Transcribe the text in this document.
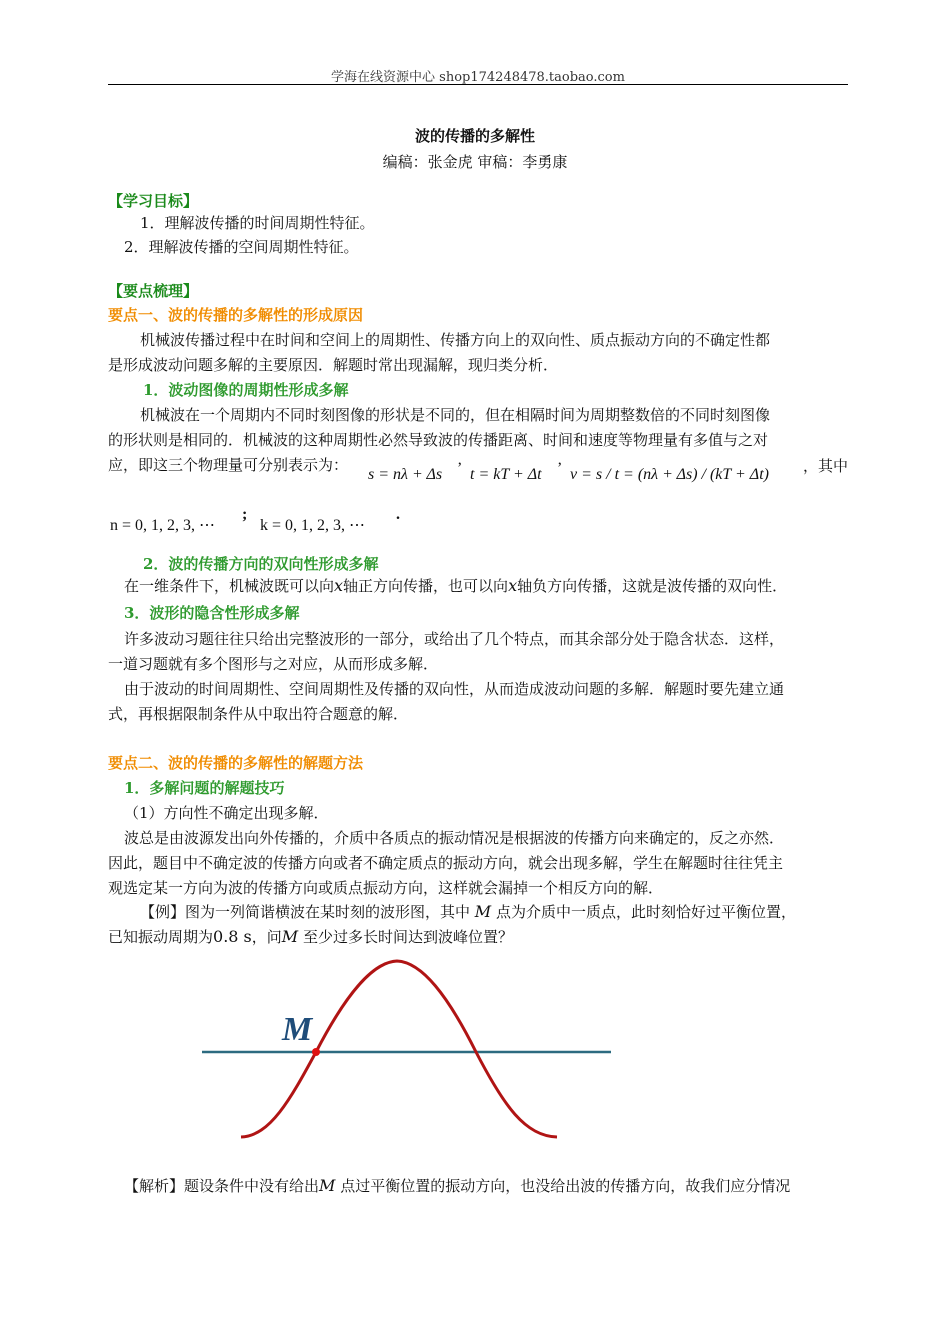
学海在线资源中心 shop174248478.taobao.com
波的传播的多解性
编稿：张金虎 审稿：李勇康
【学习目标】
1．理解波传播的时间周期性特征。
2．理解波传播的空间周期性特征。
【要点梳理】
要点一、波的传播的多解性的形成原因
机械波传播过程中在时间和空间上的周期性、传播方向上的双向性、质点振动方向的不确定性都
是形成波动问题多解的主要原因．解题时常出现漏解，现归类分析．
1．波动图像的周期性形成多解
机械波在一个周期内不同时刻图像的形状是不同的，但在相隔时间为周期整数倍的不同时刻图像
的形状则是相同的．机械波的这种周期性必然导致波的传播距离、时间和速度等物理量有多值与之对
应，即这三个物理量可分别表示为：
s = nλ + Δs ’ t = kT + Δt ’ v = s / t = (nλ + Δs) / (kT + Δt) ，其中
n = 0, 1, 2, 3, ⋯
;
k = 0, 1, 2, 3, ⋯
.
2．波的传播方向的双向性形成多解
在一维条件下，机械波既可以向x轴正方向传播，也可以向x轴负方向传播，这就是波传播的双向性．
3．波形的隐含性形成多解
许多波动习题往往只给出完整波形的一部分，或给出了几个特点，而其余部分处于隐含状态．这样，
一道习题就有多个图形与之对应，从而形成多解．
由于波动的时间周期性、空间周期性及传播的双向性，从而造成波动问题的多解．解题时要先建立通
式，再根据限制条件从中取出符合题意的解．
要点二、波的传播的多解性的解题方法
1．多解问题的解题技巧
（1）方向性不确定出现多解．
波总是由波源发出向外传播的，介质中各质点的振动情况是根据波的传播方向来确定的，反之亦然．
因此，题目中不确定波的传播方向或者不确定质点的振动方向，就会出现多解，学生在解题时往往凭主
观选定某一方向为波的传播方向或质点振动方向，这样就会漏掉一个相反方向的解．
【例】图为一列简谐横波在某时刻的波形图，其中 M 点为介质中一质点，此时刻恰好过平衡位置，
已知振动周期为0.8 s，问M 至少过多长时间达到波峰位置？
M
【解析】题设条件中没有给出M 点过平衡位置的振动方向，也没给出波的传播方向，故我们应分情况
